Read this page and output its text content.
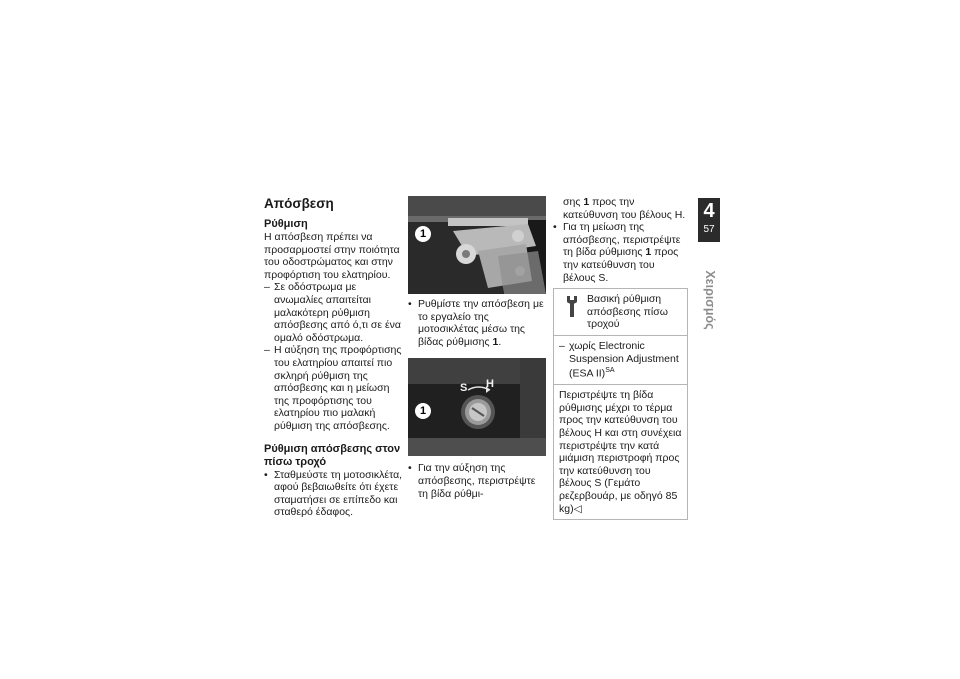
Απόσβεση
Ρύθμιση

Η απόσβεση πρέπει να προσαρμοστεί στην ποιότητα του οδοστρώματος και στην προφόρτιση του ελατηρίου.

– Σε οδόστρωμα με ανωμαλίες απαιτείται μαλακότερη ρύθμιση απόσβεσης από ό,τι σε ένα ομαλό οδόστρωμα.
– Η αύξηση της προφόρτισης του ελατηρίου απαιτεί πιο σκληρή ρύθμιση της απόσβεσης και η μείωση της προφόρτισης του ελατηρίου πιο μαλακή ρύθμιση της απόσβεσης.
Ρύθμιση απόσβεσης στον πίσω τροχό
• Σταθμεύστε τη μοτοσικλέτα, αφού βεβαιωθείτε ότι έχετε σταματήσει σε επίπεδο και σταθερό έδαφος.
1
• Ρυθμίστε την απόσβεση με το εργαλείο της μοτοσικλέτας μέσω της βίδας ρύθμισης 1.
1
S H
• Για την αύξηση της απόσβεσης, περιστρέψτε τη βίδα ρύθμι-

σης 1 προς την κατεύθυνση του βέλους H.

• Για τη μείωση της απόσβεσης, περιστρέψτε τη βίδα ρύθμισης 1 προς την κατεύθυνση του βέλους S.
Βασική ρύθμιση απόσβεσης πίσω τροχού
– χωρίς Electronic Suspension Adjustment (ESA II)$^{SA}$
Περιστρέψτε τη βίδα ρύθμισης μέχρι το τέρμα προς την κατεύθυνση του βέλους H και στη συνέχεια περιστρέψτε την κατά μιάμιση περιστροφή προς την κατεύθυνση του βέλους S (Γεμάτο ρεζερβουάρ, με οδηγό 85 kg)◁
4
57
Χειρισμός
